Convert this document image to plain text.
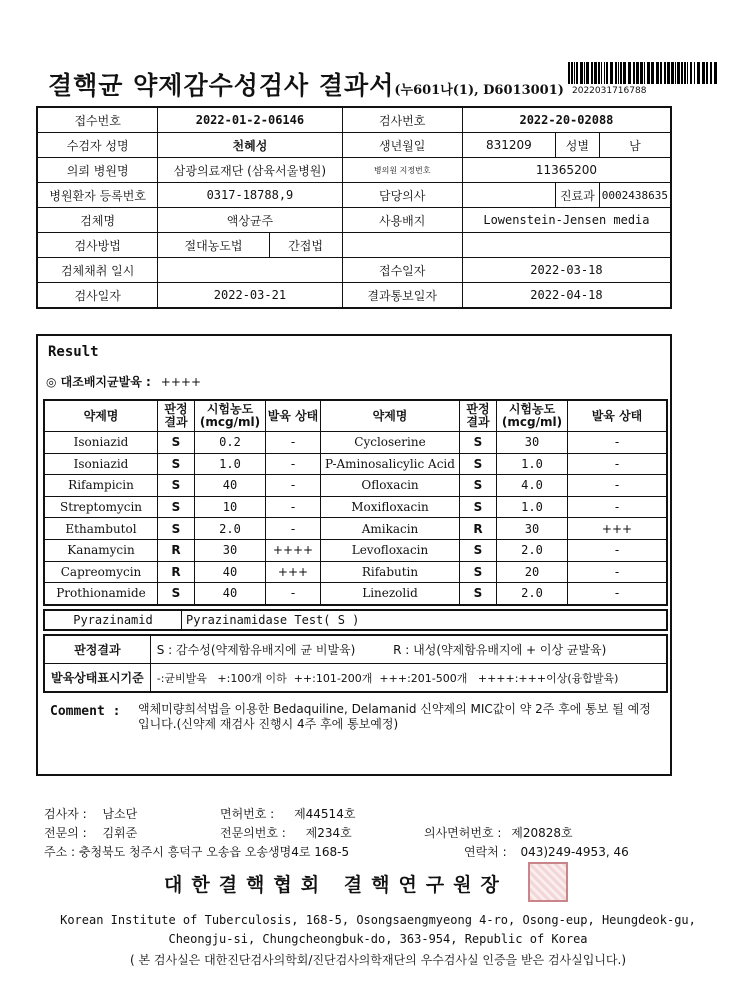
결핵균 약제감수성검사 결과서(누601나(1), D6013001) 2022031716788
접수번호	2022-01-2-06146		검사번호	2022-20-02088		
수검자 성명	천혜성		생년월일	831209	성별	남
의뢰 병원명	삼광의료재단 (삼육서울병원)		병의원 지정번호	11365200		
병원환자 등록번호	0317-18788,9		담당의사		진료과	0002438635
검체명	액상균주		사용배지	Lowenstein-Jensen media		
검사방법	절대농도법	간접법				
검체채취 일시			접수일자	2022-03-18		
검사일자	2022-03-21		결과통보일자	2022-04-18		
Result
◎ 대조배지균발육 : ++++
약제명	판정 결과	시험농도 (mcg/ml)	발육 상태	약제명	판정 결과	시험농도 (mcg/ml)	발육 상태
Isoniazid	S	0.2	-	Cycloserine	S	30	-
Isoniazid	S	1.0	-	P-Aminosalicylic Acid	S	1.0	-
Rifampicin	S	40	-	Ofloxacin	S	4.0	-
Streptomycin	S	10	-	Moxifloxacin	S	1.0	-
Ethambutol	S	2.0	-	Amikacin	R	30	+++
Kanamycin	R	30	++++	Levofloxacin	S	2.0	-
Capreomycin	R	40	+++	Rifabutin	S	20	-
Prothionamide	S	40	-	Linezolid	S	2.0	-
Pyrazinamid	Pyrazinamidase Test( S )
판정결과	S : 감수성(약제함유배지에 균 비발육) R : 내성(약제함유배지에 + 이상 균발육)
발육상태표시기준	-:균비발육   +:100개 이하  ++:101-200개  +++:201-500개   ++++:+++이상(융합발육)
Comment : 액체미량희석법을 이용한 Bedaquiline, Delamanid 신약제의 MIC값이 약 2주 후에 통보 될 예정입니다.(신약제 재검사 진행시 4주 후에 통보예정)
검사자 : 남소단	면허번호 : 제44514호
전문의 : 김휘준	전문의번호 : 제234호	의사면허번호 : 제20828호
주소 : 충청북도 청주시 흥덕구 오송읍 오송생명4로 168-5	연락처 : 043)249-4953, 46
대한결핵협회 결핵연구원장
Korean Institute of Tuberculosis, 168-5, Osongsaengmyeong 4-ro, Osong-eup, Heungdeok-gu,
Cheongju-si, Chungcheongbuk-do, 363-954, Republic of Korea
( 본 검사실은 대한진단검사의학회/진단검사의학재단의 우수검사실 인증을 받은 검사실입니다.)
